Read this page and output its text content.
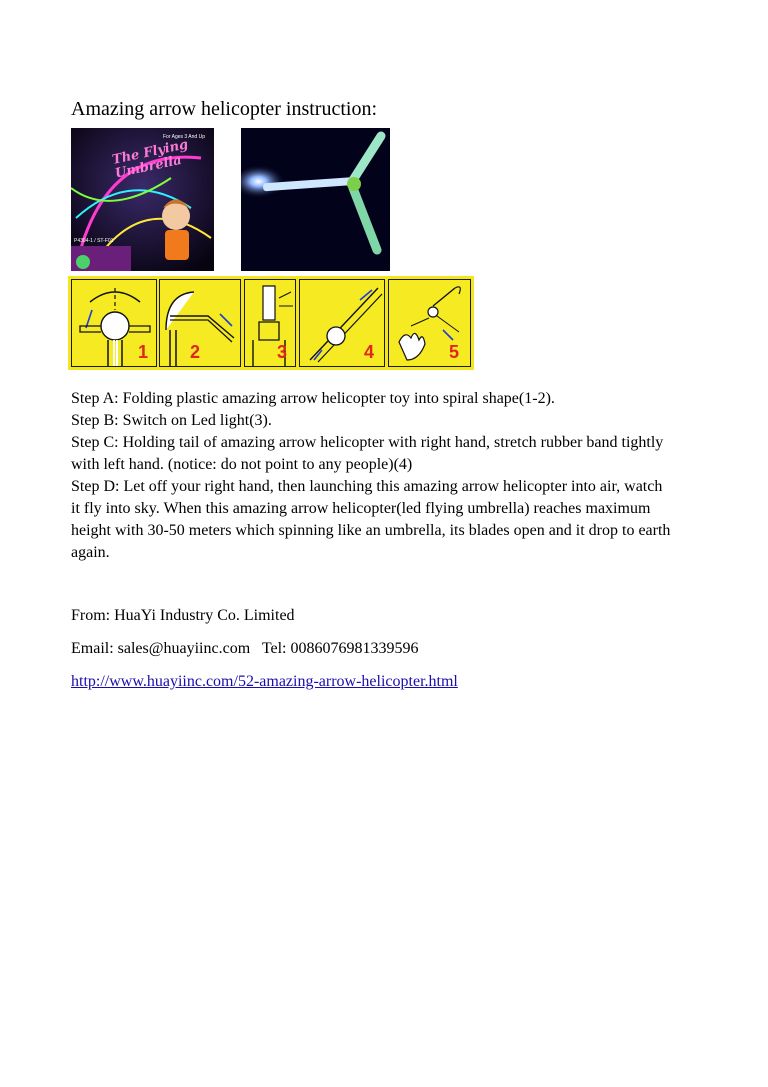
Amazing arrow helicopter instruction:
The Flying Umbrella
For Ages 3 And Up
P4304-1 / ST-F01
1 2	3	4	5

Step A: Folding plastic amazing arrow helicopter toy into spiral shape(1-2).

Step B: Switch on Led light(3).

Step C: Holding tail of amazing arrow helicopter with right hand, stretch rubber band tightly with left hand. (notice: do not point to any people)(4)

Step D: Let off your right hand, then launching this amazing arrow helicopter into air, watch it fly into sky. When this amazing arrow helicopter(led flying umbrella) reaches maximum height with 30-50 meters which spinning like an umbrella, its blades open and it drop to earth again.

From: HuaYi Industry Co. Limited
Email: sales@huayiinc.com   Tel: 0086076981339596
http://www.huayiinc.com/52-amazing-arrow-helicopter.html
